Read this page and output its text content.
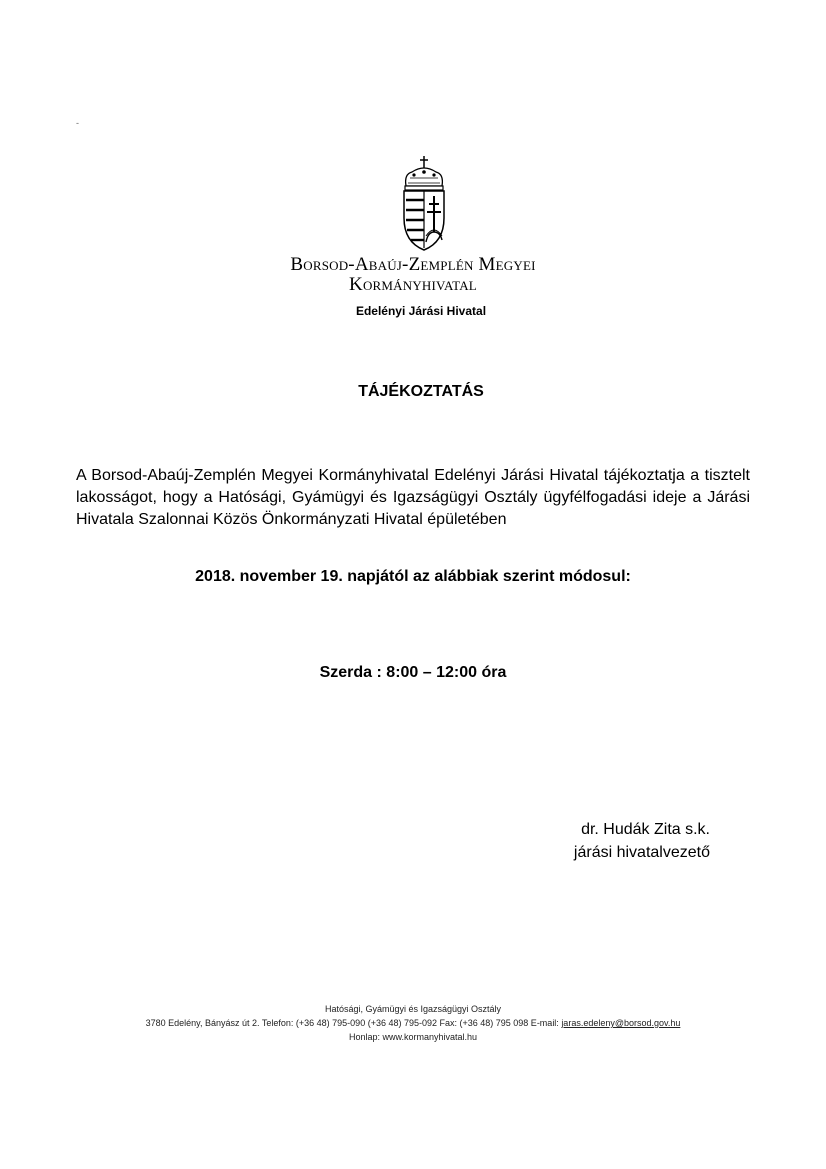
-
Borsod-Abaúj-Zemplén Megyei
Kormányhivatal
Edelényi Járási Hivatal
TÁJÉKOZTATÁS
A Borsod-Abaúj-Zemplén Megyei Kormányhivatal Edelényi Járási Hivatal tájékoztatja a tisztelt lakosságot, hogy a Hatósági, Gyámügyi és Igazságügyi Osztály ügyfélfogadási ideje a Járási Hivatala Szalonnai Közös Önkormányzati Hivatal épületében
2018. november 19. napjától az alábbiak szerint módosul:
Szerda : 8:00 – 12:00 óra
dr. Hudák Zita s.k.
járási hivatalvezető
Hatósági, Gyámügyi és Igazságügyi Osztály
3780 Edelény, Bányász út 2. Telefon: (+36 48) 795-090 (+36 48) 795-092 Fax: (+36 48) 795 098 E-mail: jaras.edeleny@borsod.gov.hu
Honlap: www.kormanyhivatal.hu
